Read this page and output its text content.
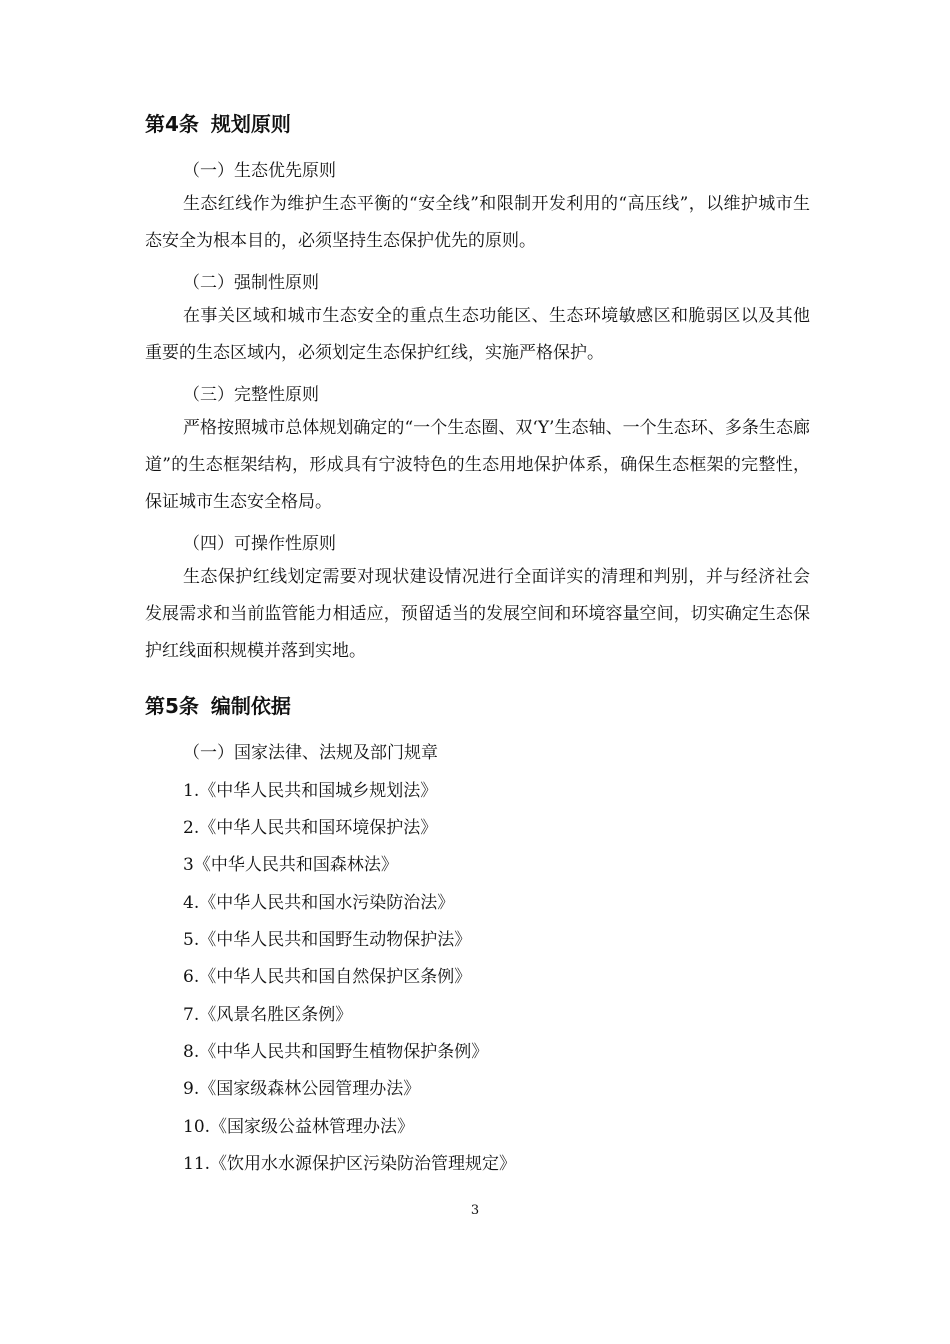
第4条 规划原则
（一）生态优先原则

生态红线作为维护生态平衡的“安全线”和限制开发利用的“高压线”，以维护城市生态安全为根本目的，必须坚持生态保护优先的原则。

（二）强制性原则

在事关区域和城市生态安全的重点生态功能区、生态环境敏感区和脆弱区以及其他重要的生态区域内，必须划定生态保护红线，实施严格保护。

（三）完整性原则

严格按照城市总体规划确定的“一个生态圈、双‘Y’生态轴、一个生态环、多条生态廊道”的生态框架结构，形成具有宁波特色的生态用地保护体系，确保生态框架的完整性，保证城市生态安全格局。

（四）可操作性原则

生态保护红线划定需要对现状建设情况进行全面详实的清理和判别，并与经济社会发展需求和当前监管能力相适应，预留适当的发展空间和环境容量空间，切实确定生态保护红线面积规模并落到实地。

第5条 编制依据
（一）国家法律、法规及部门规章
1.《中华人民共和国城乡规划法》
2.《中华人民共和国环境保护法》
3《中华人民共和国森林法》
4.《中华人民共和国水污染防治法》
5.《中华人民共和国野生动物保护法》
6.《中华人民共和国自然保护区条例》
7.《风景名胜区条例》
8.《中华人民共和国野生植物保护条例》
9.《国家级森林公园管理办法》
10.《国家级公益林管理办法》
11.《饮用水水源保护区污染防治管理规定》
3
